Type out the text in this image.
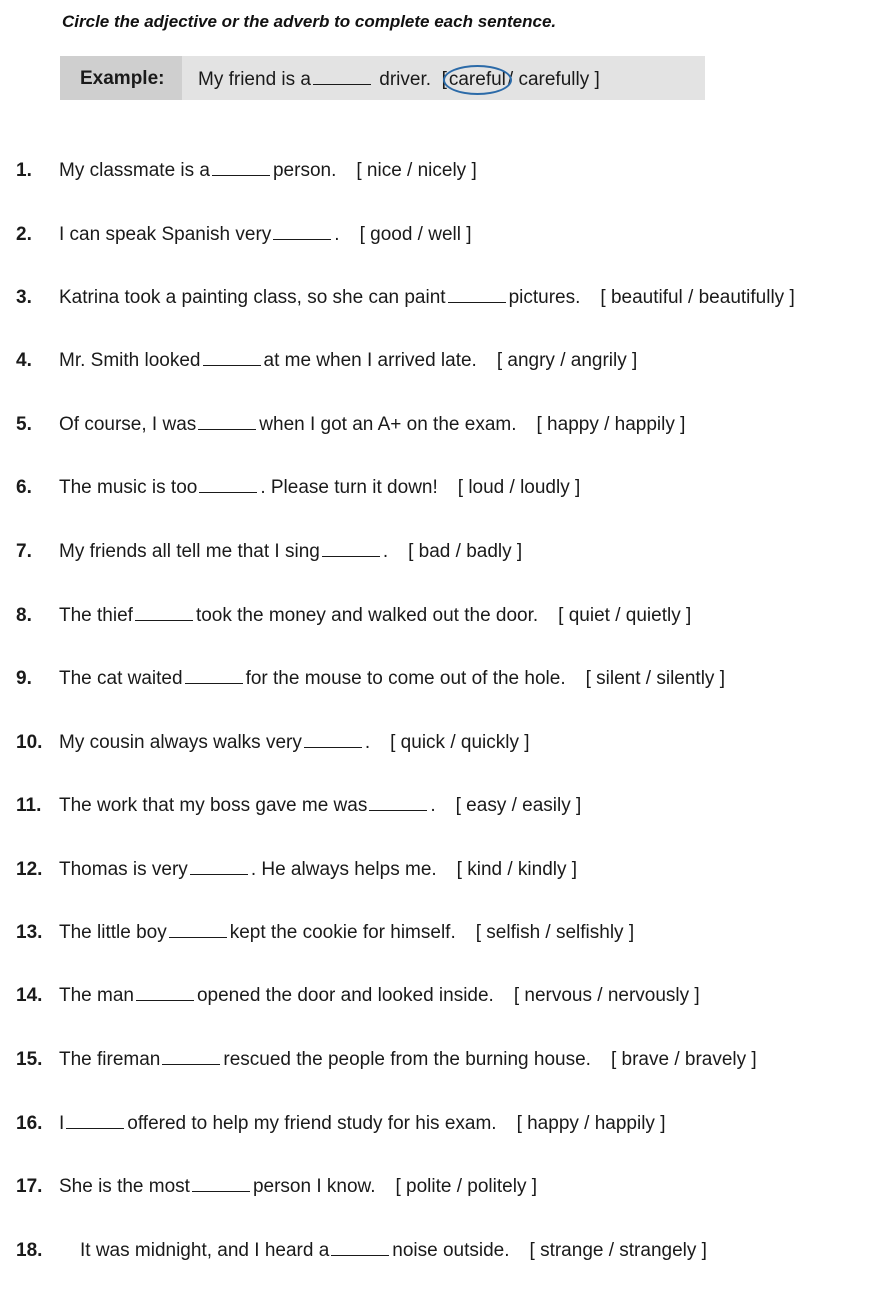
Circle the adjective or the adverb to complete each sentence.
Example: My friend is a	driver. [ careful / carefully ]
1. My classmate is a	person. [ nice / nicely ]
2. I can speak Spanish very	. [ good / well ]
3. Katrina took a painting class, so she can paint	pictures. [ beautiful / beautifully ]
4. Mr. Smith looked	at me when I arrived late. [ angry / angrily ]
5. Of course, I was	when I got an A+ on the exam. [ happy / happily ]
6. The music is too	. Please turn it down! [ loud / loudly ]
7. My friends all tell me that I sing	. [ bad / badly ]
8. The thief	took the money and walked out the door. [ quiet / quietly ]
9. The cat waited	for the mouse to come out of the hole. [ silent / silently ]
10. My cousin always walks very	. [ quick / quickly ]
11. The work that my boss gave me was	. [ easy / easily ]
12. Thomas is very	. He always helps me. [ kind / kindly ]
13. The little boy	kept the cookie for himself. [ selfish / selfishly ]
14. The man	opened the door and looked inside. [ nervous / nervously ]
15. The fireman	rescued the people from the burning house. [ brave / bravely ]
16. I	offered to help my friend study for his exam. [ happy / happily ]
17. She is the most	person I know. [ polite / politely ]
18. It was midnight, and I heard a	noise outside. [ strange / strangely ]
